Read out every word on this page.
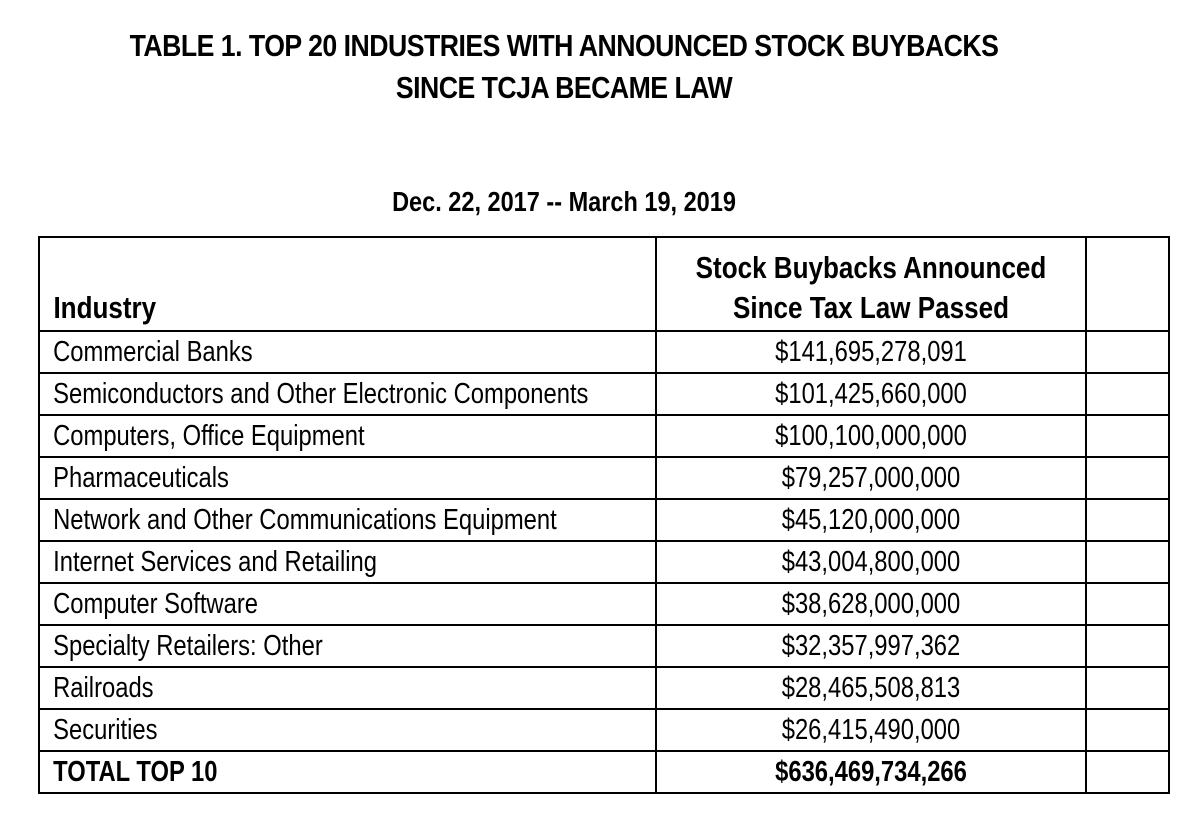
TABLE 1. TOP 20 INDUSTRIES WITH ANNOUNCED STOCK BUYBACKS
SINCE TCJA BECAME LAW
Dec. 22, 2017 -- March 19, 2019
Industry	Stock Buybacks Announced
Since Tax Law Passed	

Commercial Banks	$141,695,278,091	

Semiconductors and Other Electronic Components	$101,425,660,000	

Computers, Office Equipment	$100,100,000,000	

Pharmaceuticals	$79,257,000,000	

Network and Other Communications Equipment	$45,120,000,000	

Internet Services and Retailing	$43,004,800,000	

Computer Software	$38,628,000,000	

Specialty Retailers: Other	$32,357,997,362	

Railroads	$28,465,508,813	

Securities	$26,415,490,000	

TOTAL TOP 10	$636,469,734,266	
